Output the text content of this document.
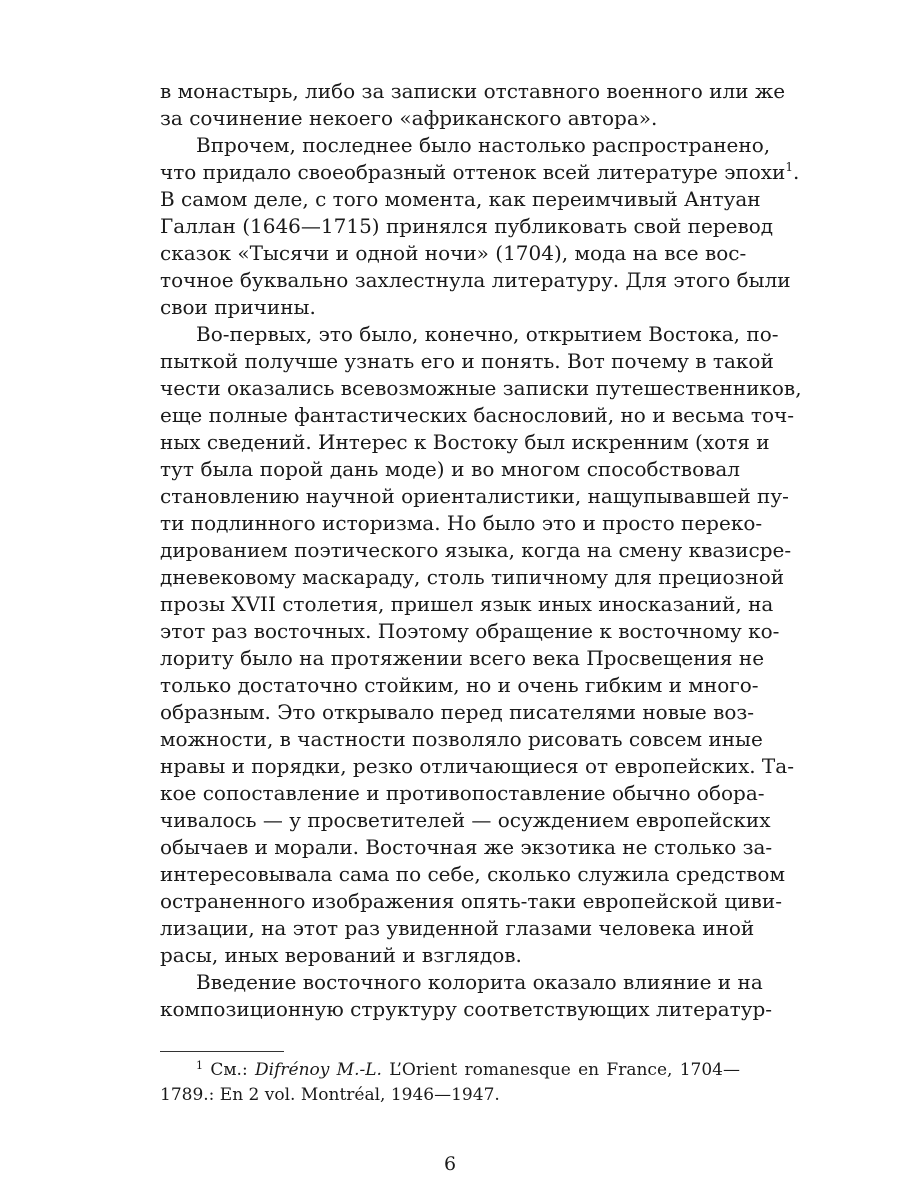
в монастырь, либо за записки отставного военного или же
за сочинение некоего «африканского автора».
Впрочем, последнее было настолько распространено,
что придало своеобразный оттенок всей литературе эпохи$^1$.
В самом деле, с того момента, как переимчивый Антуан
Галлан (1646—1715) принялся публиковать свой перевод
сказок «Тысячи и одной ночи» (1704), мода на все вос-
точное буквально захлестнула литературу. Для этого были
свои причины.
Во-первых, это было, конечно, открытием Востока, по-
пыткой получше узнать его и понять. Вот почему в такой
чести оказались всевозможные записки путешественников,
еще полные фантастических баснословий, но и весьма точ-
ных сведений. Интерес к Востоку был искренним (хотя и
тут была порой дань моде) и во многом способствовал
становлению научной ориенталистики, нащупывавшей пу-
ти подлинного историзма. Но было это и просто переко-
дированием поэтического языка, когда на смену квазисре-
дневековому маскараду, столь типичному для прециозной
прозы XVII столетия, пришел язык иных иносказаний, на
этот раз восточных. Поэтому обращение к восточному ко-
лориту было на протяжении всего века Просвещения не
только достаточно стойким, но и очень гибким и много-
образным. Это открывало перед писателями новые воз-
можности, в частности позволяло рисовать совсем иные
нравы и порядки, резко отличающиеся от европейских. Та-
кое сопоставление и противопоставление обычно обора-
чивалось — у просветителей — осуждением европейских
обычаев и морали. Восточная же экзотика не столько за-
интересовывала сама по себе, сколько служила средством
остраненного изображения опять-таки европейской циви-
лизации, на этот раз увиденной глазами человека иной
расы, иных верований и взглядов.
Введение восточного колорита оказало влияние и на
композиционную структуру соответствующих литератур-
$^1$ См.: Difrénoy M.-L. L’Orient romanesque en France, 1704—
1789.: En 2 vol. Montréal, 1946—1947.
6
